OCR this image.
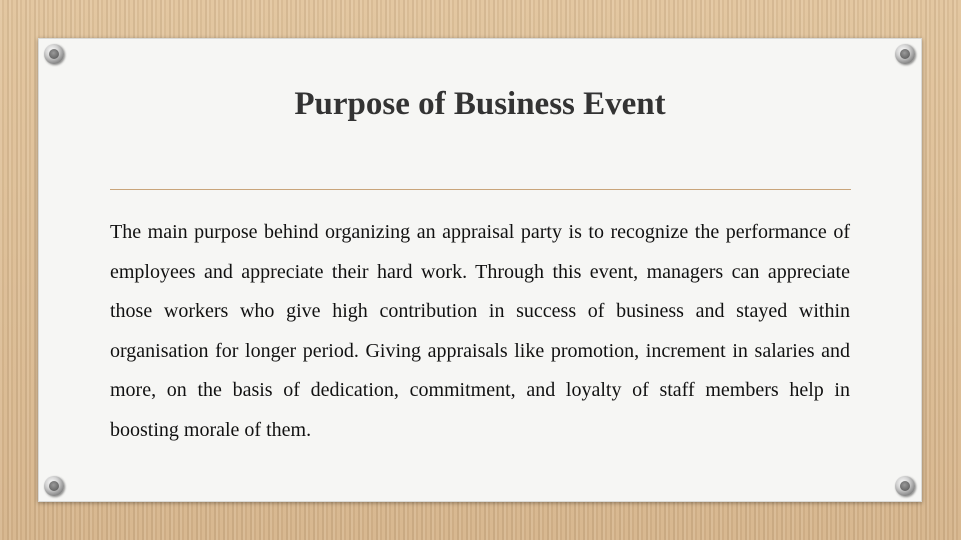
Purpose of Business Event

The main purpose behind organizing an appraisal party is to recognize the performance of employees and appreciate their hard work. Through this event, managers can appreciate those workers who give high contribution in success of business and stayed within organisation for longer period. Giving appraisals like promotion, increment in salaries and more, on the basis of dedication, commitment, and loyalty of staff members help in boosting morale of them.
